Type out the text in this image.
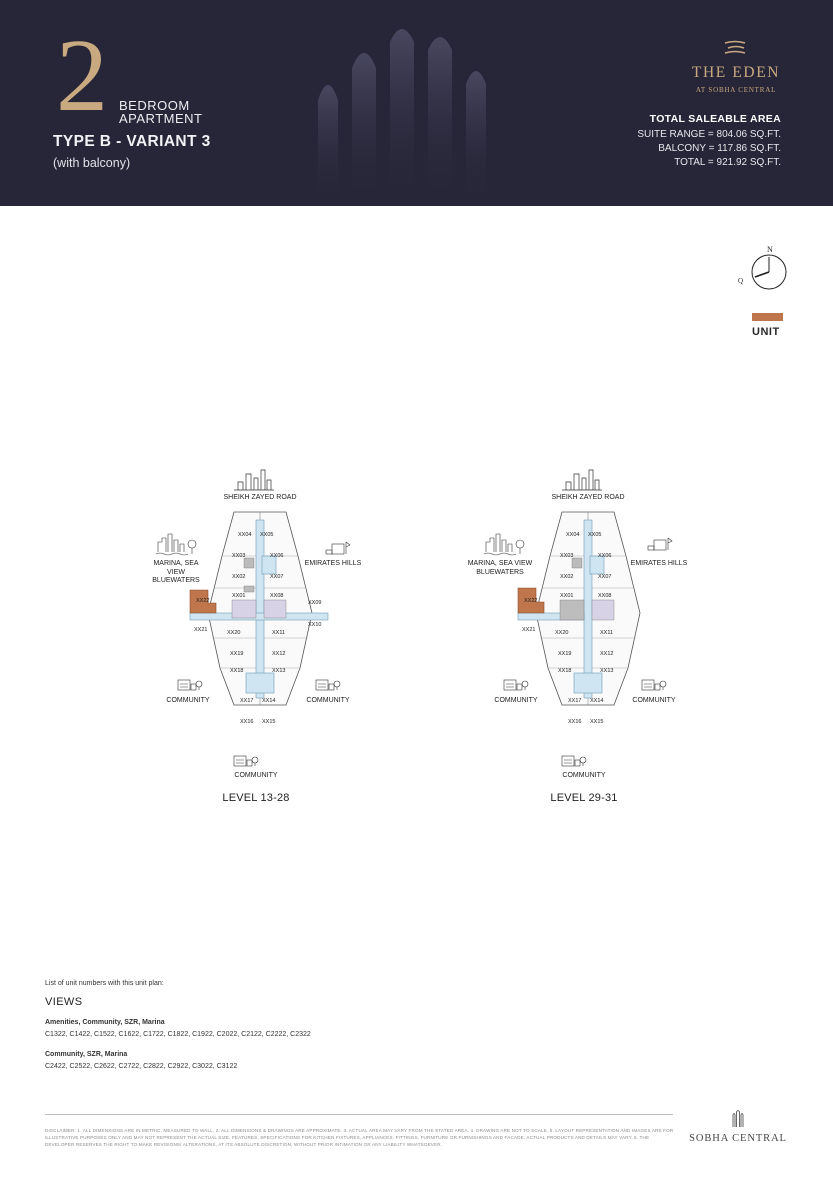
2 BEDROOM
APARTMENT
TYPE B - VARIANT 3
(with balcony)
THE EDEN
AT SOBHA CENTRAL
TOTAL SALEABLE AREA
SUITE RANGE = 804.06 SQ.FT.
BALCONY = 117.86 SQ.FT.
TOTAL = 921.92 SQ.FT.
N
Q
UNIT
SHEIKH ZAYED ROAD
MARINA, SEA VIEW
BLUEWATERS
EMIRATES HILLS
COMMUNITY	COMMUNITY
COMMUNITY
LEVEL 13-28
XX04 XX05
XX03	XX06
XX02	XX07
XX01	XX08
XX22	XX09
XX10
XX21	XX20	XX11
XX19	XX12
XX18	XX13
XX17 XX14
XX16 XX15
SHEIKH ZAYED ROAD
MARINA, SEA VIEW
BLUEWATERS
EMIRATES HILLS
COMMUNITY	COMMUNITY
COMMUNITY
LEVEL 29-31
XX04 XX05
XX03	XX06
XX02	XX07
XX01	XX08
XX22
XX21	XX20	XX11
XX19	XX12
XX18	XX13
XX17 XX14
XX16 XX15
List of unit numbers with this unit plan:
VIEWS
Amenities, Community, SZR, Marina
C1322, C1422, C1522, C1622, C1722, C1822, C1922, C2022, C2122, C2222, C2322
Community, SZR, Marina
C2422, C2522, C2622, C2722, C2822, C2922, C3022, C3122
DISCLAIMER: 1. ALL DIMENSIONS ARE IN METRIC, MEASURED TO WALL. 2. ALL DIMENSIONS & DRAWINGS ARE APPROXIMATE. 3. ACTUAL AREA MAY VARY FROM THE STATED AREA. 4. DRAWING ARE NOT TO SCALE. 5. LAYOUT REPRESENTATION AND IMAGES ARE FOR ILLUSTRATIVE PURPOSES ONLY AND MAY NOT REPRESENT THE ACTUAL SIZE, FEATURES, SPECIFICATIONS FOR KITCHEN FIXTURES, APPLIANCES, FITTINGS, FURNITURE OR FURNISHINGS AND FACADE. ACTUAL PRODUCTS AND DETAILS MAY VARY. 6. THE DEVELOPER RESERVES THE RIGHT TO MAKE REVISIONS/ ALTERATIONS, AT ITS ABSOLUTE DISCRETION, WITHOUT PRIOR INTIMATION OR ANY LIABILITY WHATSOEVER.
SOBHA CENTRAL
